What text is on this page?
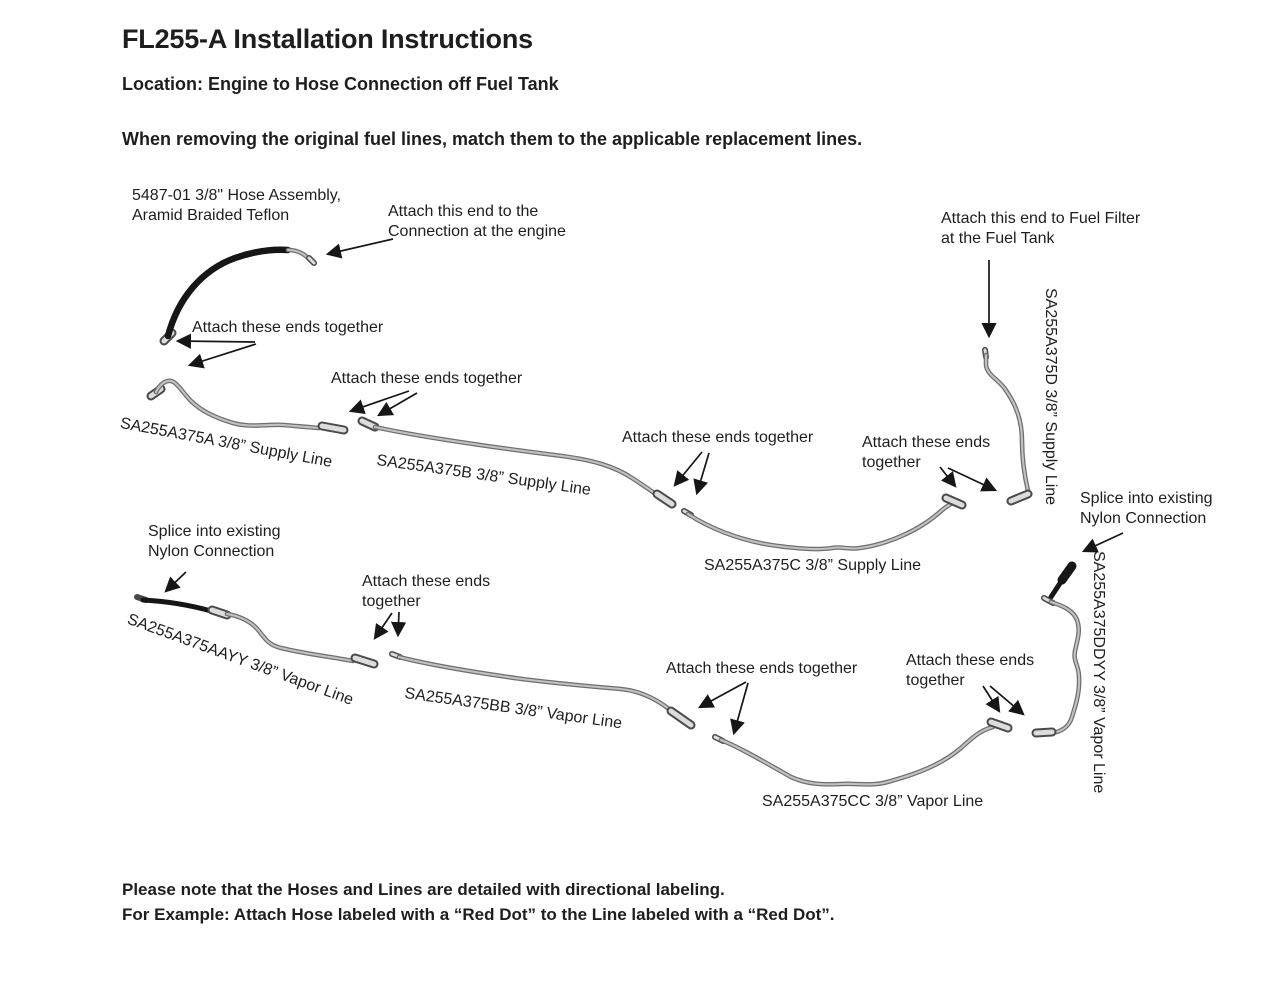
FL255-A Installation Instructions
Location: Engine to Hose Connection off Fuel Tank
When removing the original fuel lines, match them to the applicable replacement lines.
5487-01 3/8" Hose Assembly,
Aramid Braided Teflon	Attach this end to the
Connection at the engine
Attach this end to Fuel Filter
at the Fuel Tank
Attach these ends together
Attach these ends together
Attach these ends together	Attach these ends
together
Splice into existing
Nylon Connection
Splice into existing
Nylon Connection
Attach these ends
together
Attach these ends together	Attach these ends
together
SA255A375A 3/8” Supply Line
SA255A375B 3/8” Supply Line
SA255A375C 3/8” Supply Line
SA255A375D 3/8” Supply Line
SA255A375AAYY 3/8” Vapor Line	SA255A375BB 3/8” Vapor Line
SA255A375CC 3/8” Vapor Line
SA255A375DDYY 3/8” Vapor Line
Please note that the Hoses and Lines are detailed with directional labeling.
For Example: Attach Hose labeled with a “Red Dot” to the Line labeled with a “Red Dot”.
